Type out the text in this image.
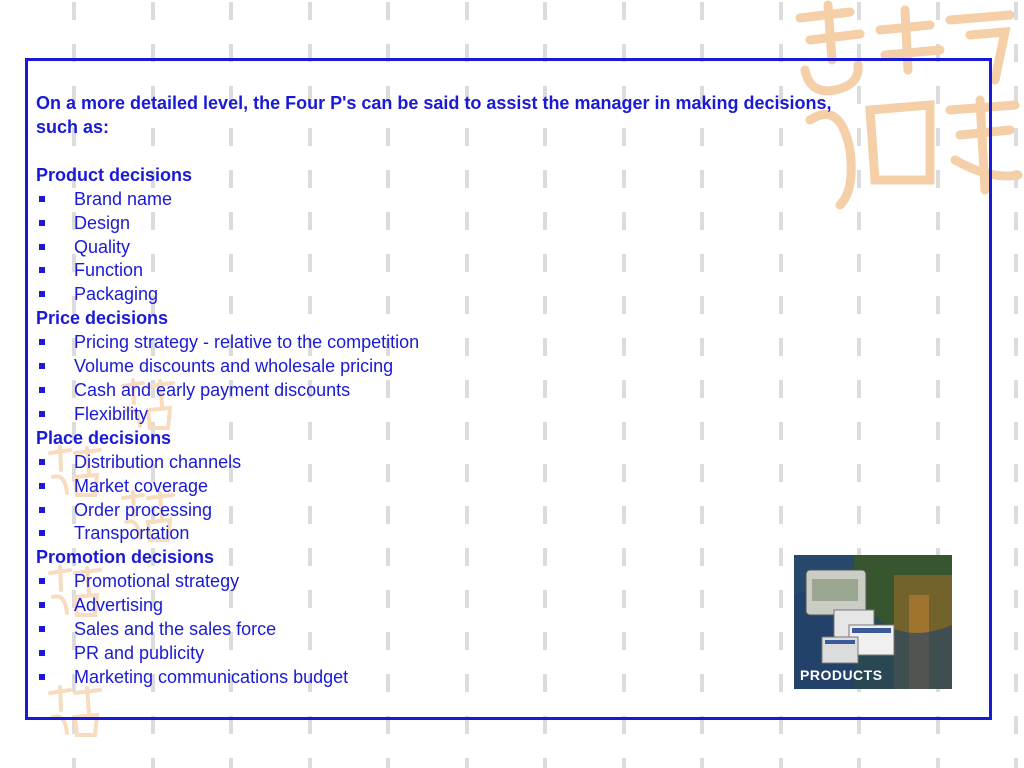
On a more detailed level, the Four P's can be said to assist the manager in making decisions, such as:

Product decisions
Brand name
Design
Quality
Function
Packaging
Price decisions
Pricing strategy - relative to the competition
Volume discounts and wholesale pricing
Cash and early payment discounts
Flexibility
Place decisions
Distribution channels
Market coverage
Order processing
Transportation
Promotion decisions
Promotional strategy
Advertising
Sales and the sales force
PR and publicity
Marketing communications budget	PRODUCTS
